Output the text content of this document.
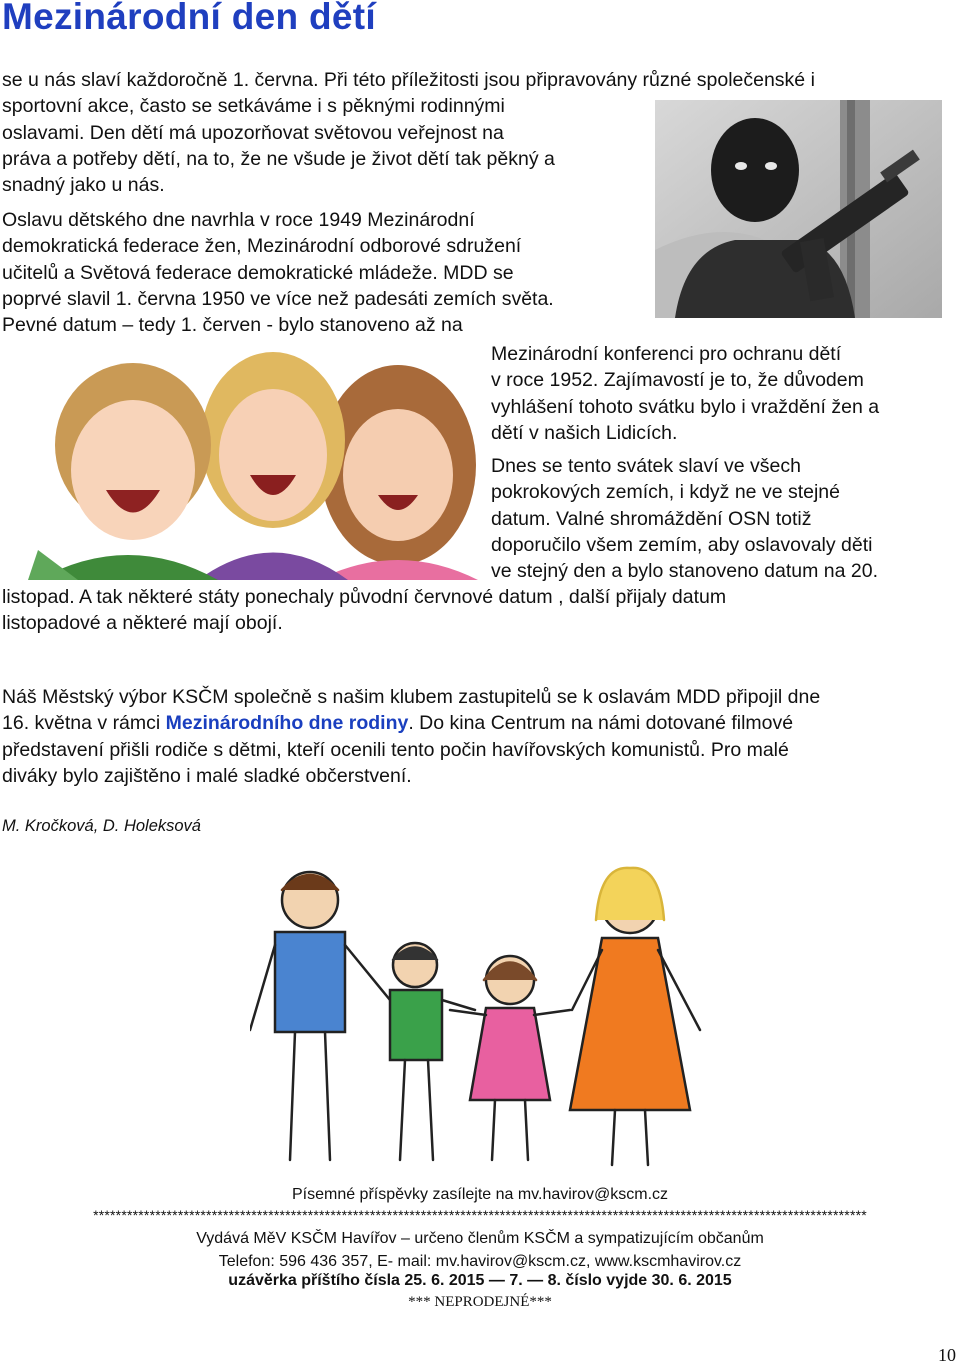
Mezinárodní den dětí
se u nás slaví každoročně 1. června. Při této příležitosti jsou připravovány různé společenské i
sportovní akce, často se setkáváme i s pěknými rodinnými
oslavami. Den dětí má upozorňovat světovou veřejnost na
práva a potřeby dětí, na to, že ne všude je život dětí tak pěkný a
snadný jako u nás.
Oslavu dětského dne navrhla v roce 1949 Mezinárodní
demokratická federace žen, Mezinárodní odborové sdružení
učitelů a Světová federace demokratické mládeže. MDD se
poprvé slavil 1. června 1950 ve více než padesáti zemích světa.
Pevné datum – tedy 1. červen - bylo stanoveno až na
Mezinárodní konferenci pro ochranu dětí
v roce 1952. Zajímavostí je to, že důvodem
vyhlášení tohoto svátku bylo i vraždění žen a
dětí v našich Lidicích.
Dnes se tento svátek slaví ve všech
pokrokových zemích, i když ne ve stejné
datum. Valné shromáždění OSN totiž
doporučilo všem zemím, aby oslavovaly děti
ve stejný den a bylo stanoveno datum na 20.
listopad. A tak některé státy ponechaly původní červnové datum , další přijaly datum
listopadové a některé mají obojí.
Náš Městský výbor KSČM společně s našim klubem zastupitelů se k oslavám MDD připojil dne
16. května v rámci Mezinárodního dne rodiny. Do kina Centrum na námi dotované filmové
představení přišli rodiče s dětmi, kteří ocenili tento počin havířovských komunistů. Pro malé
diváky bylo zajištěno i malé sladké občerstvení.
M. Kročková, D. Holeksová
Písemné příspěvky zasílejte na mv.havirov@kscm.cz
*****************************************************************************************************************************************
Vydává MěV KSČM Havířov – určeno členům KSČM a sympatizujícím občanům
Telefon: 596 436 357, E- mail: mv.havirov@kscm.cz, www.kscmhavirov.cz
uzávěrka příštího čísla 25. 6. 2015 — 7. — 8. číslo vyjde 30. 6. 2015
*** NEPRODEJNÉ***
10
